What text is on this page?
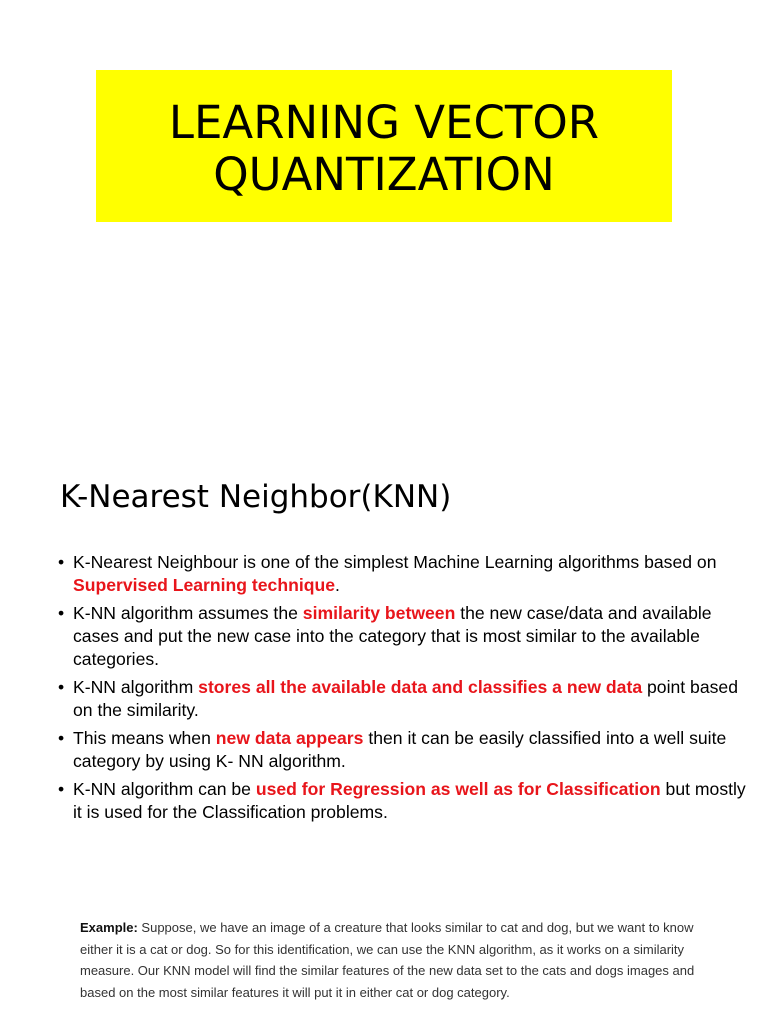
LEARNING VECTOR
QUANTIZATION
K-Nearest Neighbor(KNN)
• K-Nearest Neighbour is one of the simplest Machine Learning algorithms based on Supervised Learning technique.
• K-NN algorithm assumes the similarity between the new case/data and available cases and put the new case into the category that is most similar to the available categories.
• K-NN algorithm stores all the available data and classifies a new data point based on the similarity.
• This means when new data appears then it can be easily classified into a well suite category by using K- NN algorithm.
• K-NN algorithm can be used for Regression as well as for Classification but mostly it is used for the Classification problems.
Example: Suppose, we have an image of a creature that looks similar to cat and dog, but we want to know either it is a cat or dog. So for this identification, we can use the KNN algorithm, as it works on a similarity measure. Our KNN model will find the similar features of the new data set to the cats and dogs images and based on the most similar features it will put it in either cat or dog category.
